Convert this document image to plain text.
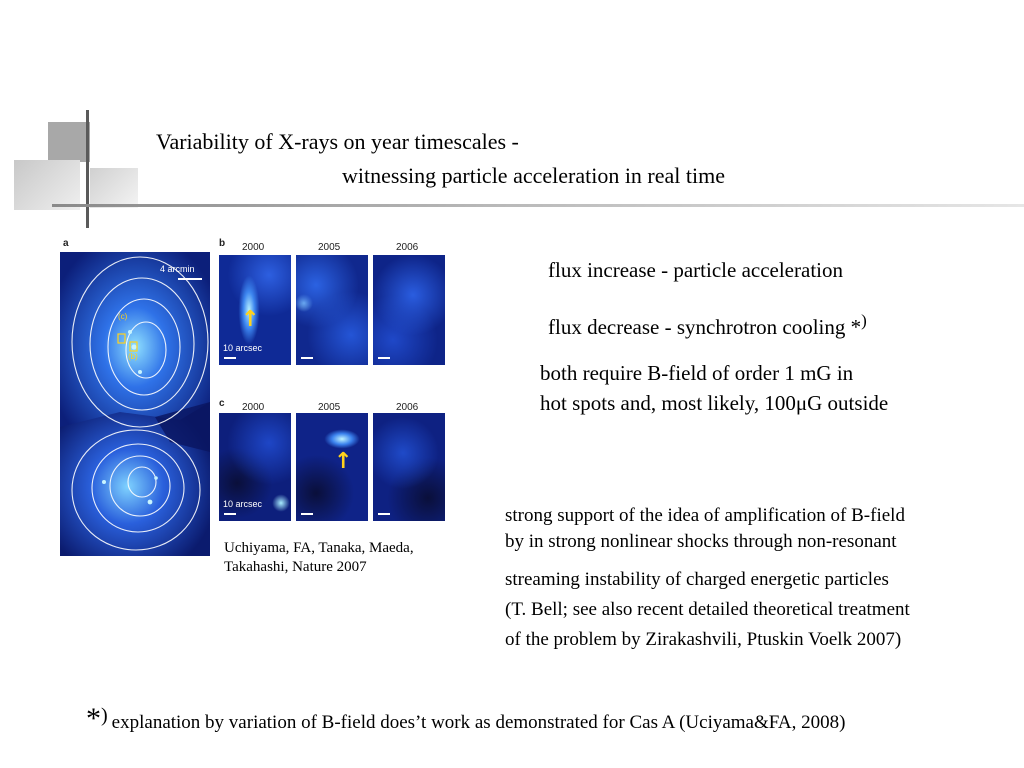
Variability of X-rays on year timescales -
witnessing particle acceleration in real time
a	b
c
4 arcmin
(c)
(b)
2000	2005	2006
↑
10 arcsec
2000	2005	2006
10 arcsec
↑
Uchiyama, FA, Tanaka, Maeda,
Takahashi, Nature 2007
flux increase - particle acceleration
flux decrease - synchrotron cooling *)
both require B-field of order 1 mG in
hot spots and, most likely, 100μG outside
strong support of the idea of amplification of B-field
by in strong nonlinear shocks through non-resonant
streaming instability of charged energetic particles
(T. Bell; see also recent detailed theoretical treatment
of the problem by Zirakashvili, Ptuskin Voelk 2007)
*) explanation by variation of B-field does’t work as demonstrated for Cas A (Uciyama&FA, 2008)
